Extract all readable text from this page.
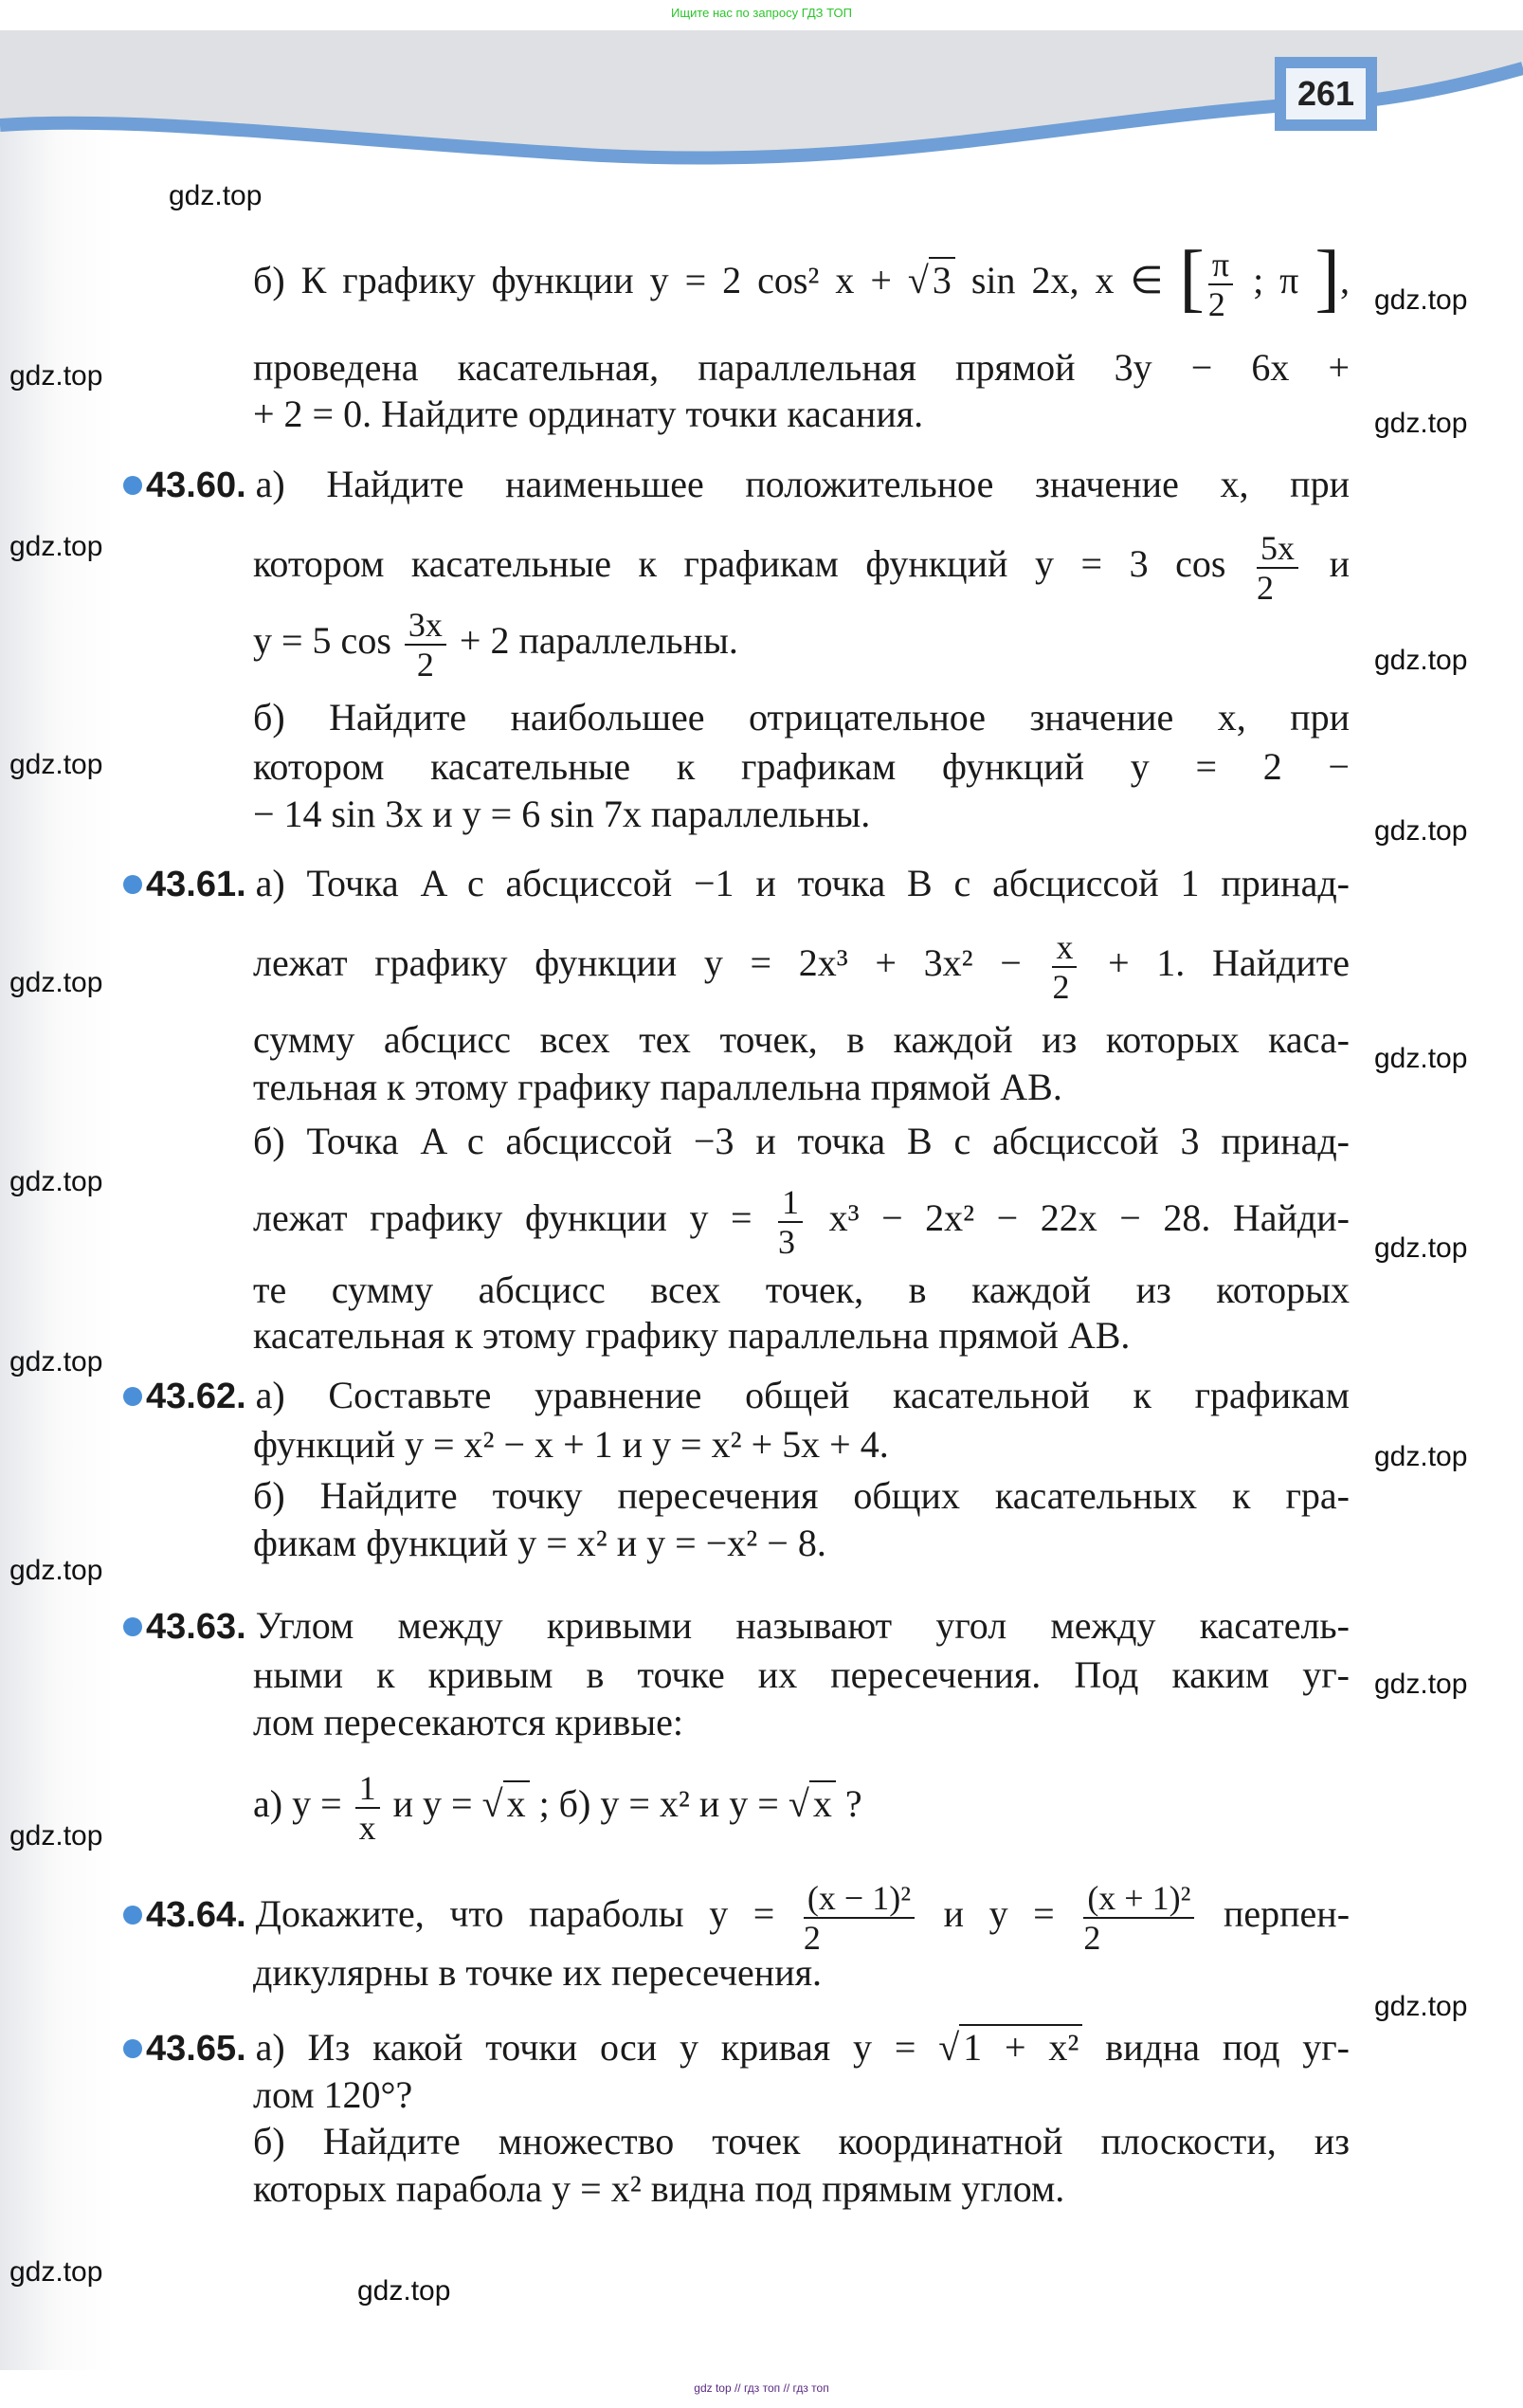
Ищите нас по запросу ГДЗ ТОП
261
б) К графику функции y = 2 cos² x + √ 3 sin 2x, x ∈ [ $\frac{\pi}{2}$ ; π ],
проведена касательная, параллельная прямой 3y − 6x +
+ 2 = 0. Найдите ординату точки касания.
43.60. а) Найдите наименьшее положительное значение x, при
котором касательные к графикам функций y = 3 $\cos \frac{5x}{2}$ и
y = 5 $\cos \frac{3x}{2} + 2$ параллельны.
б) Найдите наибольшее отрицательное значение x, при
котором касательные к графикам функций y = 2 −
− 14 sin 3x и y = 6 sin 7x параллельны.
43.61. а) Точка A с абсциссой −1 и точка B с абсциссой 1 принад-
лежат графику функции $y = 2x^3 + 3x^2 - \frac{x}{2} + 1$. Найдите
сумму абсцисс всех тех точек, в каждой из которых каса-
тельная к этому графику параллельна прямой AB.
б) Точка A с абсциссой −3 и точка B с абсциссой 3 принад-
лежат графику функции $y = \frac{1}{3} x^3 - 2x^2 - 22x - 28$. Найди-
те сумму абсцисс всех точек, в каждой из которых
касательная к этому графику параллельна прямой AB.
43.62. а) Составьте уравнение общей касательной к графикам
функций y = x² − x + 1 и y = x² + 5x + 4.
б) Найдите точку пересечения общих касательных к гра-
фикам функций y = x² и y = −x² − 8.
43.63. Углом между кривыми называют угол между касатель-
ными к кривым в точке их пересечения. Под каким уг-
лом пересекаются кривые:
а) $y = \frac{1}{x}$ и y = √ x ; б) y = x² и y = √ x ?
43.64. Докажите, что параболы $y = \frac{\text{(x − 1)²}}{2}$ и $y = \frac{\text{(x + 1)²}}{2}$ перпен-
дикулярны в точке их пересечения.
43.65. а) Из какой точки оси y кривая y = √ 1 + x² видна под уг-
лом 120°?
б) Найдите множество точек координатной плоскости, из
которых парабола y = x² видна под прямым углом.
gdz.top
gdz.top
gdz.top
gdz.top
gdz.top
gdz.top
gdz.top
gdz.top
gdz.top
gdz.top
gdz.top
gdz.top
gdz.top
gdz.top
gdz.top
gdz.top
gdz.top
gdz.top
gdz.top
gdz.top
gdz top // гдз топ // гдз топ
